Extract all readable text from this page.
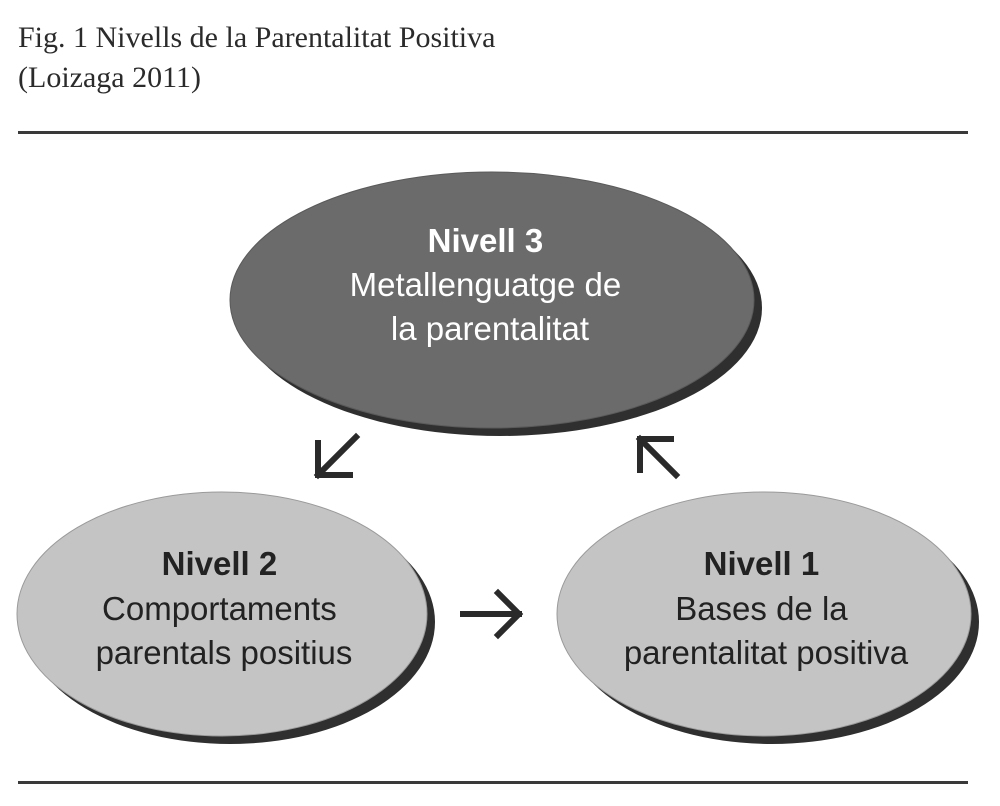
Fig. 1 Nivells de la Parentalitat Positiva
(Loizaga 2011)
Nivell 3 Metallenguatge de la parentalitat
Nivell 2 Comportaments parentals positius
Nivell 1 Bases de la parentalitat positiva
